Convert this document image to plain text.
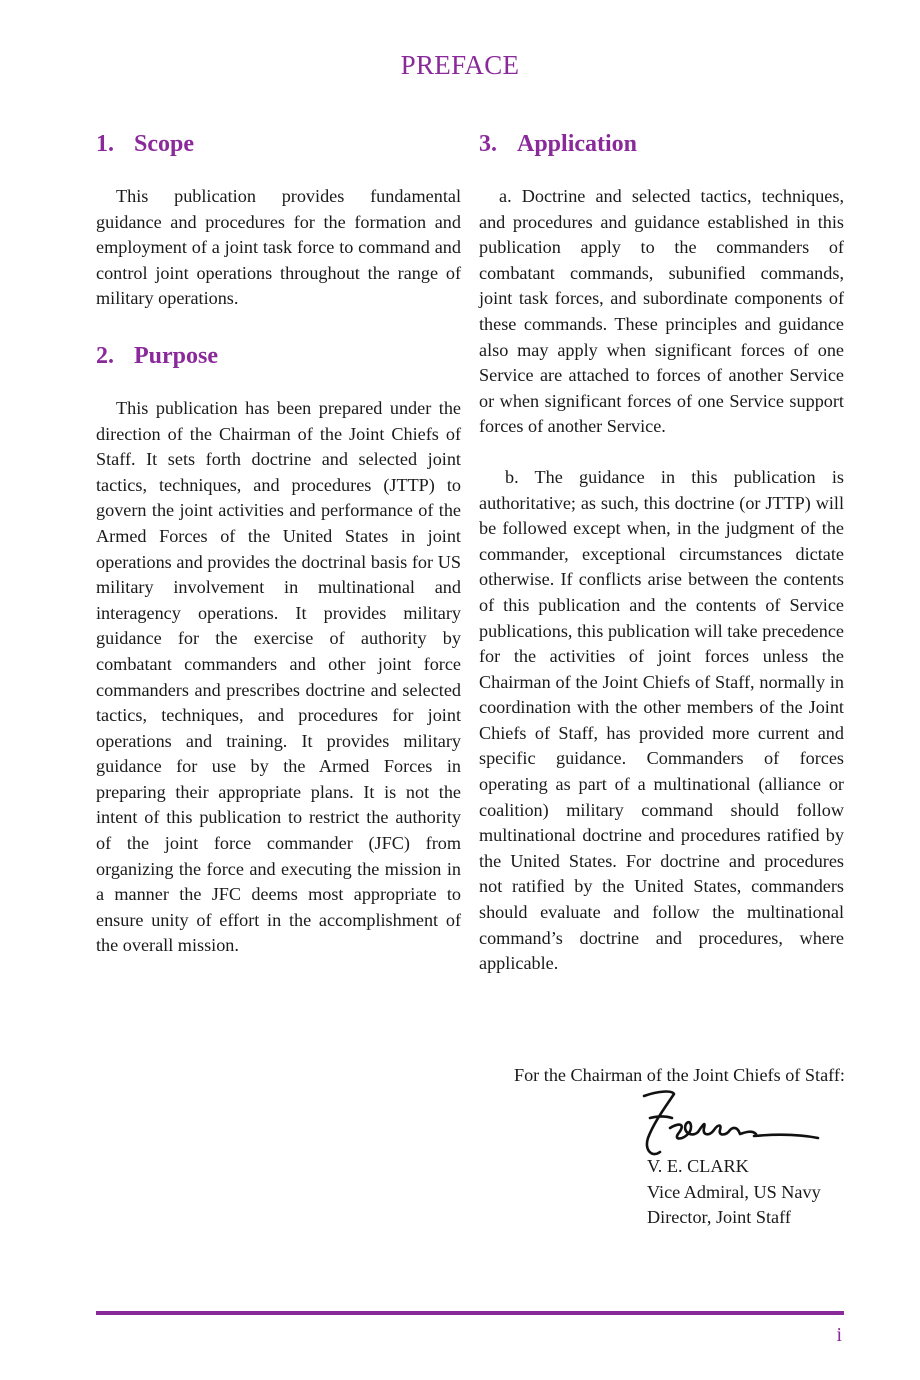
PREFACE
1. Scope

This publication provides fundamental guidance and procedures for the formation and employment of a joint task force to command and control joint operations throughout the range of military operations.

2. Purpose

This publication has been prepared under the direction of the Chairman of the Joint Chiefs of Staff. It sets forth doctrine and selected joint tactics, techniques, and procedures (JTTP) to govern the joint activities and performance of the Armed Forces of the United States in joint operations and provides the doctrinal basis for US military involvement in multinational and interagency operations. It provides military guidance for the exercise of authority by combatant commanders and other joint force commanders and prescribes doctrine and selected tactics, techniques, and procedures for joint operations and training. It provides military guidance for use by the Armed Forces in preparing their appropriate plans. It is not the intent of this publication to restrict the authority of the joint force commander (JFC) from organizing the force and executing the mission in a manner the JFC deems most appropriate to ensure unity of effort in the accomplishment of the overall mission.

3. Application

a. Doctrine and selected tactics, techniques, and procedures and guidance established in this publication apply to the commanders of combatant commands, subunified commands, joint task forces, and subordinate components of these commands. These principles and guidance also may apply when significant forces of one Service are attached to forces of another Service or when significant forces of one Service support forces of another Service.

b. The guidance in this publication is authoritative; as such, this doctrine (or JTTP) will be followed except when, in the judgment of the commander, exceptional circumstances dictate otherwise. If conflicts arise between the contents of this publication and the contents of Service publications, this publication will take precedence for the activities of joint forces unless the Chairman of the Joint Chiefs of Staff, normally in coordination with the other members of the Joint Chiefs of Staff, has provided more current and specific guidance. Commanders of forces operating as part of a multinational (alliance or coalition) military command should follow multinational doctrine and procedures ratified by the United States. For doctrine and procedures not ratified by the United States, commanders should evaluate and follow the multinational command’s doctrine and procedures, where applicable.

For the Chairman of the Joint Chiefs of Staff:

V. E. CLARK
Vice Admiral, US Navy
Director, Joint Staff
i
